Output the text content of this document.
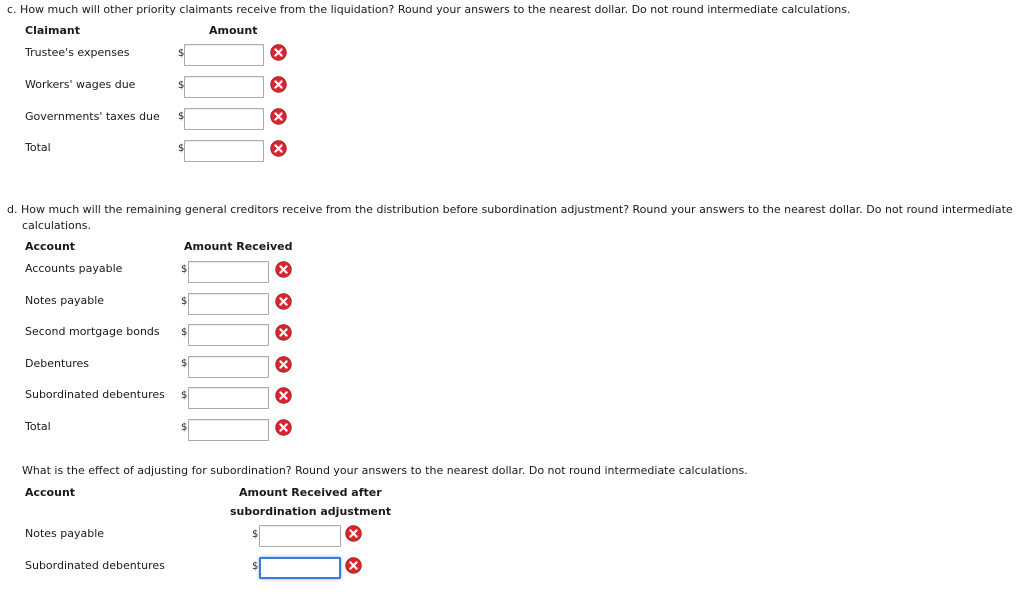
c. How much will other priority claimants receive from the liquidation? Round your answers to the nearest dollar. Do not round intermediate calculations.
Claimant	Amount
Trustee's expenses	$
Workers' wages due	$
Governments' taxes due $
Total	$
d. How much will the remaining general creditors receive from the distribution before subordination adjustment? Round your answers to the nearest dollar. Do not round intermediate
calculations.
Account	Amount Received
Accounts payable	$
Notes payable	$
Second mortgage bonds $
Debentures	$
Subordinated debentures $
Total	$
What is the effect of adjusting for subordination? Round your answers to the nearest dollar. Do not round intermediate calculations.
Account	Amount Received after
subordination adjustment
Notes payable	$
Subordinated debentures	$
